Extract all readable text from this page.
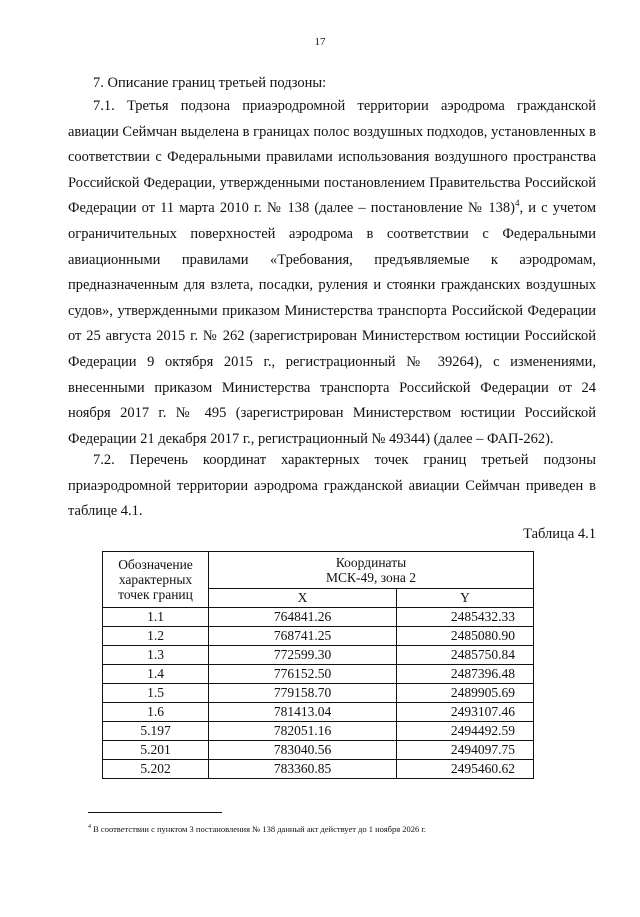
17
7. Описание границ третьей подзоны:

7.1. Третья подзона приаэродромной территории аэродрома гражданской авиации Сеймчан выделена в границах полос воздушных подходов, установленных в соответствии с Федеральными правилами использования воздушного пространства Российской Федерации, утвержденными постановлением Правительства Российской Федерации от 11 марта 2010 г. № 138 (далее – постановление № 138)$^4$, и с учетом ограничительных поверхностей аэродрома в соответствии с Федеральными авиационными правилами «Требования, предъявляемые к аэродромам, предназначенным для взлета, посадки, руления и стоянки гражданских воздушных судов», утвержденными приказом Министерства транспорта Российской Федерации от 25 августа 2015 г. № 262 (зарегистрирован Министерством юстиции Российской Федерации 9 октября 2015 г., регистрационный № 39264), с изменениями, внесенными приказом Министерства транспорта Российской Федерации от 24 ноября 2017 г. № 495 (зарегистрирован Министерством юстиции Российской Федерации 21 декабря 2017 г., регистрационный № 49344) (далее – ФАП-262).

7.2. Перечень координат характерных точек границ третьей подзоны приаэродромной территории аэродрома гражданской авиации Сеймчан приведен в таблице 4.1.

Таблица 4.1
Обозначение характерных точек границ	Координаты
МСК-49, зона 2	

	X	Y
1.1	764841.26	2485432.33
1.2	768741.25	2485080.90
1.3	772599.30	2485750.84
1.4	776152.50	2487396.48
1.5	779158.70	2489905.69
1.6	781413.04	2493107.46
5.197	782051.16	2494492.59
5.201	783040.56	2494097.75
5.202	783360.85	2495460.62
$^4$ В соответствии с пунктом 3 постановления № 138 данный акт действует до 1 ноября 2026 г.
